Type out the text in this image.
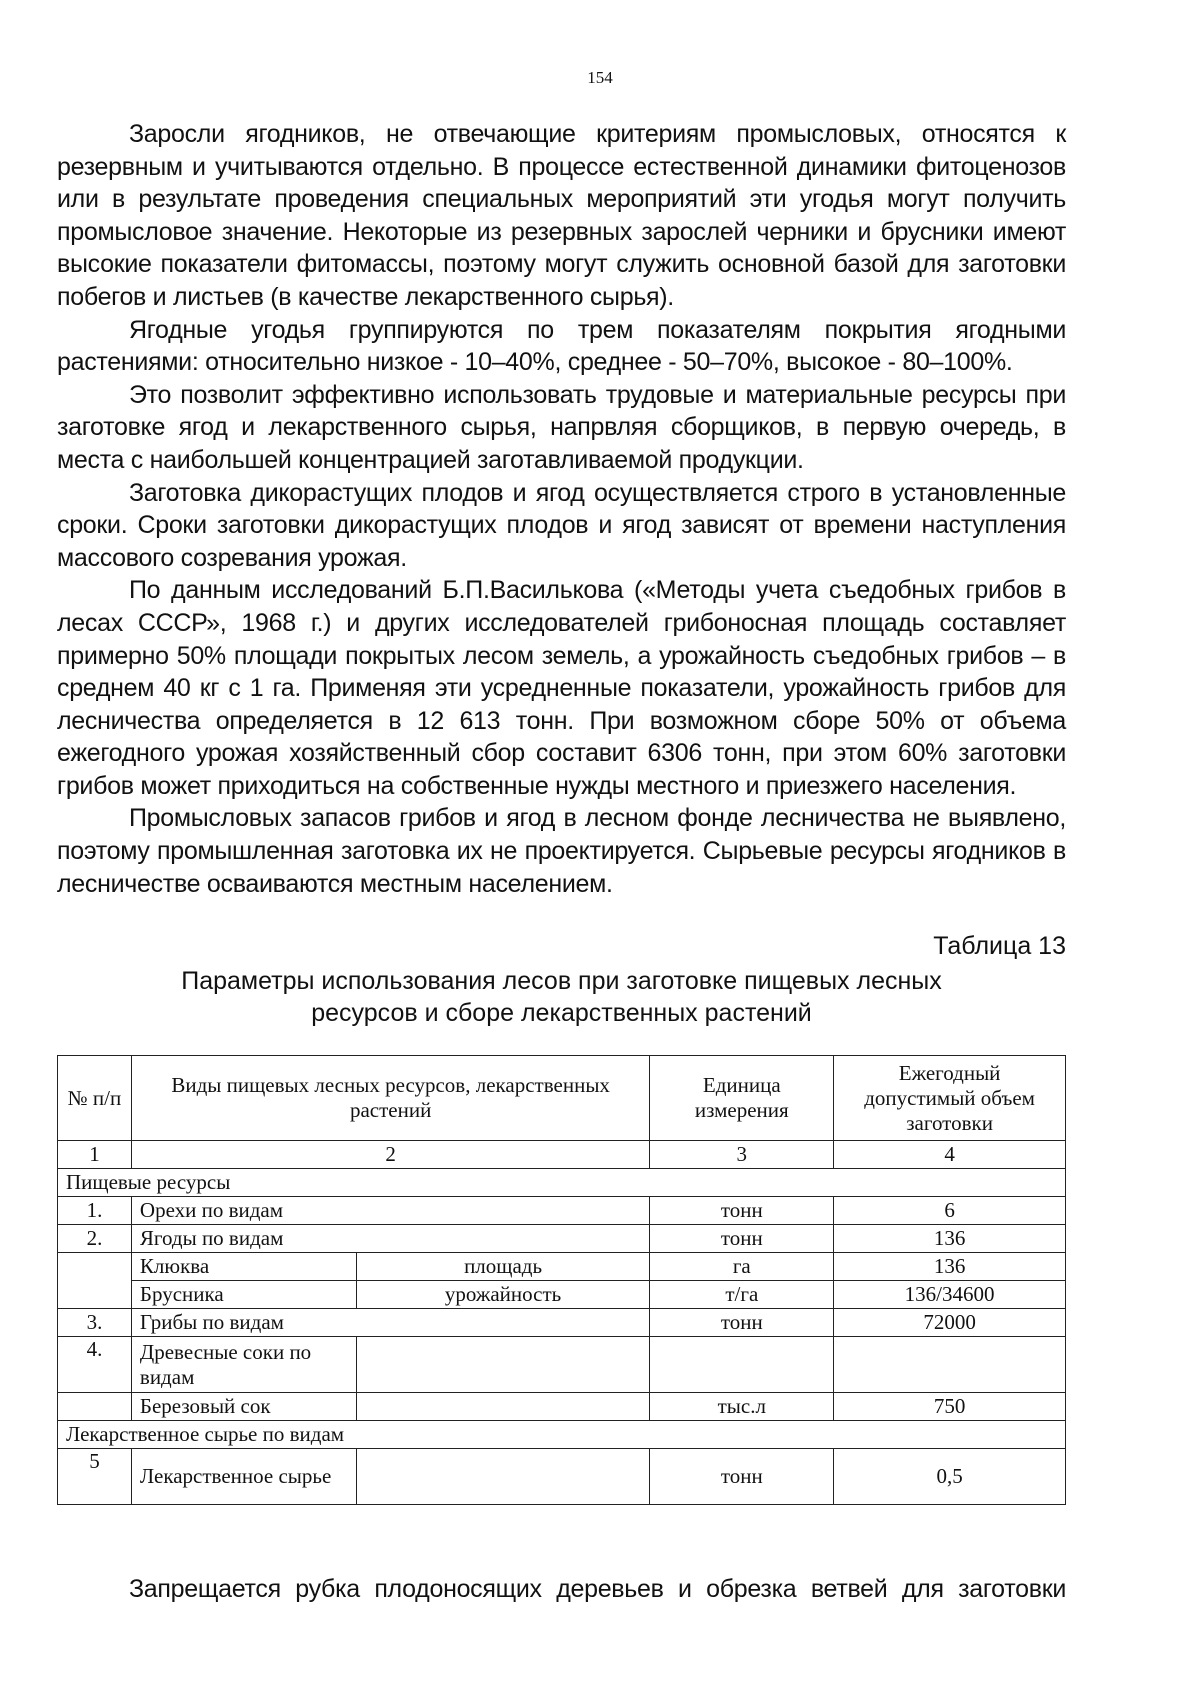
154

Заросли ягодников, не отвечающие критериям промысловых, относятся к резервным и учитываются отдельно. В процессе естественной динамики фитоценозов или в результате проведения специальных мероприятий эти угодья могут получить промысловое значение. Некоторые из резервных зарослей черники и брусники имеют высокие показатели фитомассы, поэтому могут служить основной базой для заготовки побегов и листьев (в качестве лекарственного сырья).

Ягодные угодья группируются по трем показателям покрытия ягодными растениями: относительно низкое - 10–40%, среднее - 50–70%, высокое - 80–100%.

Это позволит эффективно использовать трудовые и материальные ресурсы при заготовке ягод и лекарственного сырья, напрвляя сборщиков, в первую очередь, в места с наибольшей концентрацией заготавливаемой продукции.

Заготовка дикорастущих плодов и ягод осуществляется строго в установленные сроки. Сроки заготовки дикорастущих плодов и ягод зависят от времени наступления массового созревания урожая.

По данным исследований Б.П.Василькова («Методы учета съедобных грибов в лесах СССР», 1968 г.) и других исследователей грибоносная площадь составляет примерно 50% площади покрытых лесом земель, а урожайность съедобных грибов – в среднем 40 кг с 1 га. Применяя эти усредненные показатели, урожайность грибов для лесничества определяется в 12 613 тонн. При возможном сборе 50% от объема ежегодного урожая хозяйственный сбор составит 6306 тонн, при этом 60% заготовки грибов может приходиться на собственные нужды местного и приезжего населения.

Промысловых запасов грибов и ягод в лесном фонде лесничества не выявлено, поэтому промышленная заготовка их не проектируется. Сырьевые ресурсы ягодников в лесничестве осваиваются местным населением.

Таблица 13
Параметры использования лесов при заготовке пищевых лесных
ресурсов и сборе лекарственных растений
№ п/п	Виды пищевых лесных ресурсов, лекарственных растений		Единица измерения	Ежегодный допустимый объем заготовки
1	2		3	4
Пищевые ресурсы				
1.	Орехи по видам		тонн	6
2.	Ягоды по видам		тонн	136
	Клюква	площадь	га	136
	Брусника	урожайность	т/га	136/34600
3.	Грибы по видам		тонн	72000
4.	Древесные соки по видам			
	Березовый сок		тыс.л	750
Лекарственное сырье по видам				
5	Лекарственное сырье		тонн	0,5
Запрещается рубка плодоносящих деревьев и обрезка ветвей для заготовки
